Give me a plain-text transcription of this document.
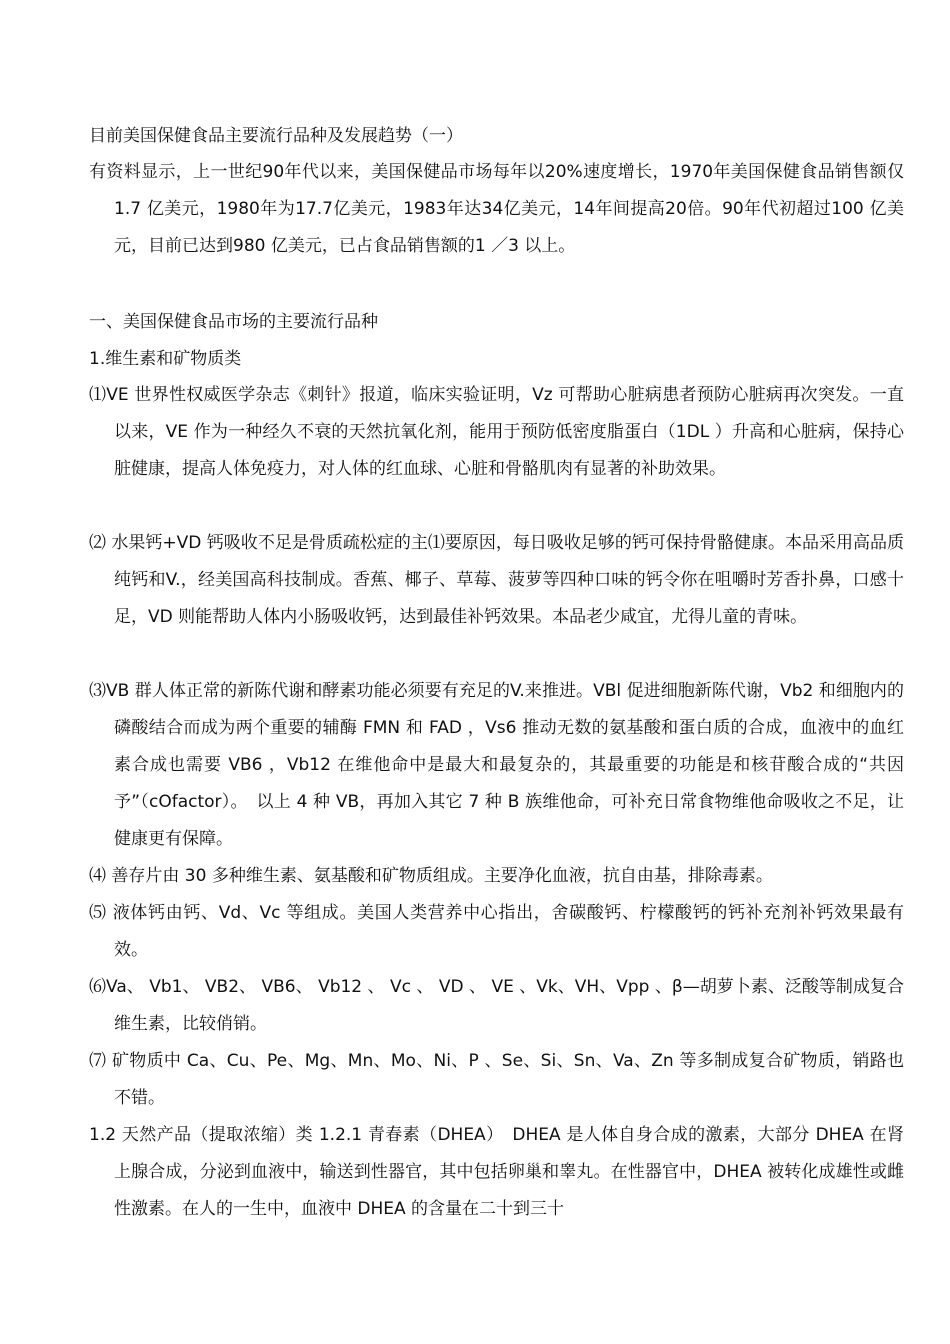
目前美国保健食品主要流行品种及发展趋势（一）
有资料显示，上一世纪90年代以来，美国保健品市场每年以20%速度增长，1970年美国保健食品销售额仅1.7 亿美元，1980年为17.7亿美元，1983年达34亿美元，14年间提高20倍。90年代初超过100 亿美元，目前已达到980 亿美元，已占食品销售额的1 ／3 以上。
一、美国保健食品市场的主要流行品种
1.维生素和矿物质类
⑴VE 世界性权威医学杂志《刺针》报道，临床实验证明，Vz 可帮助心脏病患者预防心脏病再次突发。一直以来，VE 作为一种经久不衰的天然抗氧化剂，能用于预防低密度脂蛋白（1DL ）升高和心脏病，保持心脏健康，提高人体免疫力，对人体的红血球、心脏和骨骼肌肉有显著的补助效果。
⑵ 水果钙+VD 钙吸收不足是骨质疏松症的主⑴要原因，每日吸收足够的钙可保持骨骼健康。本品采用高品质纯钙和V.，经美国高科技制成。香蕉、椰子、草莓、菠萝等四种口味的钙令你在咀嚼时芳香扑鼻，口感十足，VD 则能帮助人体内小肠吸收钙，达到最佳补钙效果。本品老少咸宜，尤得儿童的青味。
⑶VB 群人体正常的新陈代谢和酵素功能必须要有充足的V.来推进。VBl 促进细胞新陈代谢，Vb2 和细胞内的磷酸结合而成为两个重要的辅酶 FMN 和 FAD ，Vs6 推动无数的氨基酸和蛋白质的合成，血液中的血红素合成也需要 VB6 ，Vb12 在维他命中是最大和最复杂的，其最重要的功能是和核苷酸合成的“共因予”（cOfactor）。　以上 4 种 VB，再加入其它 7 种 B 族维他命，可补充日常食物维他命吸收之不足，让健康更有保障。
⑷ 善存片由 30 多种维生素、氨基酸和矿物质组成。主要净化血液，抗自由基，排除毒素。
⑸ 液体钙由钙、Vd、Vc 等组成。美国人类营养中心指出，舍碳酸钙、柠檬酸钙的钙补充剂补钙效果最有效。
⑹Va、 Vb1、 VB2、 VB6、 Vb12 、 Vc 、 VD 、 VE 、Vk、VH、Vpp 、β—胡萝卜素、泛酸等制成复合维生素，比较俏销。
⑺ 矿物质中 Ca、Cu、Pe、Mg、Mn、Mo、Ni、P 、Se、Si、Sn、Va、Zn 等多制成复合矿物质，销路也不错。
1.2 天然产品（提取浓缩）类 1.2.1 青春素（DHEA）　DHEA 是人体自身合成的激素，大部分 DHEA 在肾上腺合成，分泌到血液中，输送到性器官，其中包括卵巢和睾丸。在性器官中，DHEA 被转化成雄性或雌性激素。在人的一生中，血液中 DHEA 的含量在二十到三十
